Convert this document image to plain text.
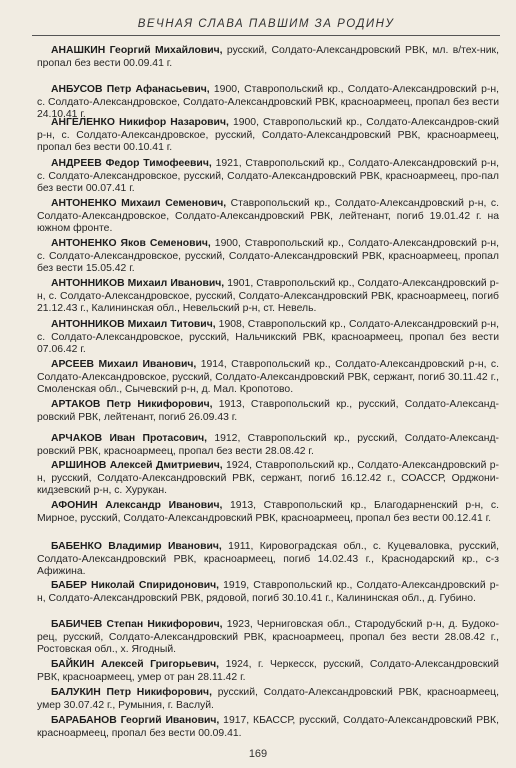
ВЕЧНАЯ СЛАВА ПАВШИМ ЗА РОДИНУ
АНАШКИН Георгий Михайлович, русский, Солдато-Александровский РВК, мл. в/тех-ник, пропал без вести 00.09.41 г.
АНБУСОВ Петр Афанасьевич, 1900, Ставропольский кр., Солдато-Александровский р-н, с. Солдато-Александровское, Солдато-Александровский РВК, красноармеец, пропал без вести 24.10.41 г.
АНГЕЛЕНКО Никифор Назарович, 1900, Ставропольский кр., Солдато-Александров-ский р-н, с. Солдато-Александровское, русский, Солдато-Александровский РВК, красноармеец, пропал без вести 00.10.41 г.
АНДРЕЕВ Федор Тимофеевич, 1921, Ставропольский кр., Солдато-Александровский р-н, с. Солдато-Александровское, русский, Солдато-Александровский РВК, красноармеец, про-пал без вести 00.07.41 г.
АНТОНЕНКО Михаил Семенович, Ставропольский кр., Солдато-Александровский р-н, с. Солдато-Александровское, Солдато-Александровский РВК, лейтенант, погиб 19.01.42 г. на южном фронте.
АНТОНЕНКО Яков Семенович, 1900, Ставропольский кр., Солдато-Александровский р-н, с. Солдато-Александровское, русский, Солдато-Александровский РВК, красноармеец, пропал без вести 15.05.42 г.
АНТОННИКОВ Михаил Иванович, 1901, Ставропольский кр., Солдато-Александровский р-н, с. Солдато-Александровское, русский, Солдато-Александровский РВК, красноармеец, погиб 21.12.43 г., Калининская обл., Невельский р-н, ст. Невель.
АНТОННИКОВ Михаил Титович, 1908, Ставропольский кр., Солдато-Александровский р-н, с. Солдато-Александровское, русский, Нальчикский РВК, красноармеец, пропал без вести 07.06.42 г.
АРСЕЕВ Михаил Иванович, 1914, Ставропольский кр., Солдато-Александровский р-н, с. Солдато-Александровское, русский, Солдато-Александровский РВК, сержант, погиб 30.11.42 г., Смоленская обл., Сычевский р-н, д. Мал. Кропотово.
АРТАКОВ Петр Никифорович, 1913, Ставропольский кр., русский, Солдато-Александ-ровский РВК, лейтенант, погиб 26.09.43 г.
АРЧАКОВ Иван Протасович, 1912, Ставропольский кр., русский, Солдато-Александ-ровский РВК, красноармеец, пропал без вести 28.08.42 г.
АРШИНОВ Алексей Дмитриевич, 1924, Ставропольский кр., Солдато-Александровский р-н, русский, Солдато-Александровский РВК, сержант, погиб 16.12.42 г., СОАССР, Орджони-кидзевский р-н, с. Хурукан.
АФОНИН Александр Иванович, 1913, Ставропольский кр., Благодарненский р-н, с. Мирное, русский, Солдато-Александровский РВК, красноармеец, пропал без вести 00.12.41 г.
БАБЕНКО Владимир Иванович, 1911, Кировоградская обл., с. Куцеваловка, русский, Солдато-Александровский РВК, красноармеец, погиб 14.02.43 г., Краснодарский кр., с-з Афижина.
БАБЕР Николай Спиридонович, 1919, Ставропольский кр., Солдато-Александровский р-н, Солдато-Александровский РВК, рядовой, погиб 30.10.41 г., Калининская обл., д. Губино.
БАБИЧЕВ Степан Никифорович, 1923, Черниговская обл., Стародубский р-н, д. Будоко-рец, русский, Солдато-Александровский РВК, красноармеец, пропал без вести 28.08.42 г., Ростовская обл., х. Ягодный.
БАЙКИН Алексей Григорьевич, 1924, г. Черкесск, русский, Солдато-Александровский РВК, красноармеец, умер от ран 28.11.42 г.
БАЛУКИН Петр Никифорович, русский, Солдато-Александровский РВК, красноармеец, умер 30.07.42 г., Румыния, г. Васлуй.
БАРАБАНОВ Георгий Иванович, 1917, КБАССР, русский, Солдато-Александровский РВК, красноармеец, пропал без вести 00.09.41.
169
